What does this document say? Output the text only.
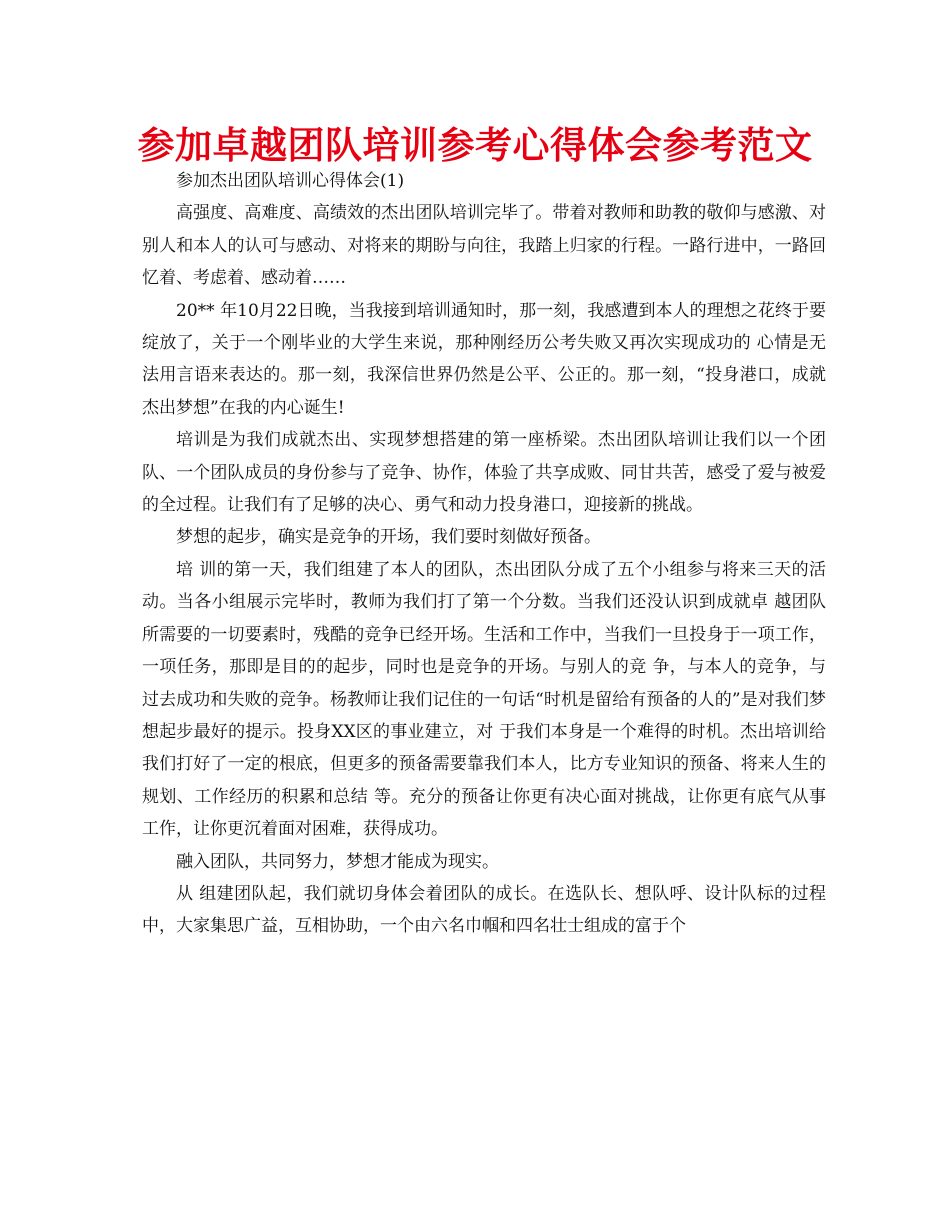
参加卓越团队培训参考心得体会参考范文

参加杰出团队培训心得体会(1)

高强度、高难度、高绩效的杰出团队培训完毕了。带着对教师和助教的敬仰与感激、对别人和本人的认可与感动、对将来的期盼与向往，我踏上归家的行程。一路行进中，一路回忆着、考虑着、感动着……

20** 年10月22日晚，当我接到培训通知时，那一刻，我感遭到本人的理想之花终于要绽放了，关于一个刚毕业的大学生来说，那种刚经历公考失败又再次实现成功的 心情是无法用言语来表达的。那一刻，我深信世界仍然是公平、公正的。那一刻，“投身港口，成就杰出梦想”在我的内心诞生!

培训是为我们成就杰出、实现梦想搭建的第一座桥梁。杰出团队培训让我们以一个团队、一个团队成员的身份参与了竞争、协作，体验了共享成败、同甘共苦，感受了爱与被爱的全过程。让我们有了足够的决心、勇气和动力投身港口，迎接新的挑战。

梦想的起步，确实是竞争的开场，我们要时刻做好预备。

培 训的第一天，我们组建了本人的团队，杰出团队分成了五个小组参与将来三天的活动。当各小组展示完毕时，教师为我们打了第一个分数。当我们还没认识到成就卓 越团队所需要的一切要素时，残酷的竞争已经开场。生活和工作中，当我们一旦投身于一项工作，一项任务，那即是目的的起步，同时也是竞争的开场。与别人的竞 争，与本人的竞争，与过去成功和失败的竞争。杨教师让我们记住的一句话“时机是留给有预备的人的”是对我们梦想起步最好的提示。投身XX区的事业建立，对 于我们本身是一个难得的时机。杰出培训给我们打好了一定的根底，但更多的预备需要靠我们本人，比方专业知识的预备、将来人生的规划、工作经历的积累和总结 等。充分的预备让你更有决心面对挑战，让你更有底气从事工作，让你更沉着面对困难，获得成功。

融入团队，共同努力，梦想才能成为现实。

从 组建团队起，我们就切身体会着团队的成长。在选队长、想队呼、设计队标的过程中，大家集思广益，互相协助，一个由六名巾帼和四名壮士组成的富于个
